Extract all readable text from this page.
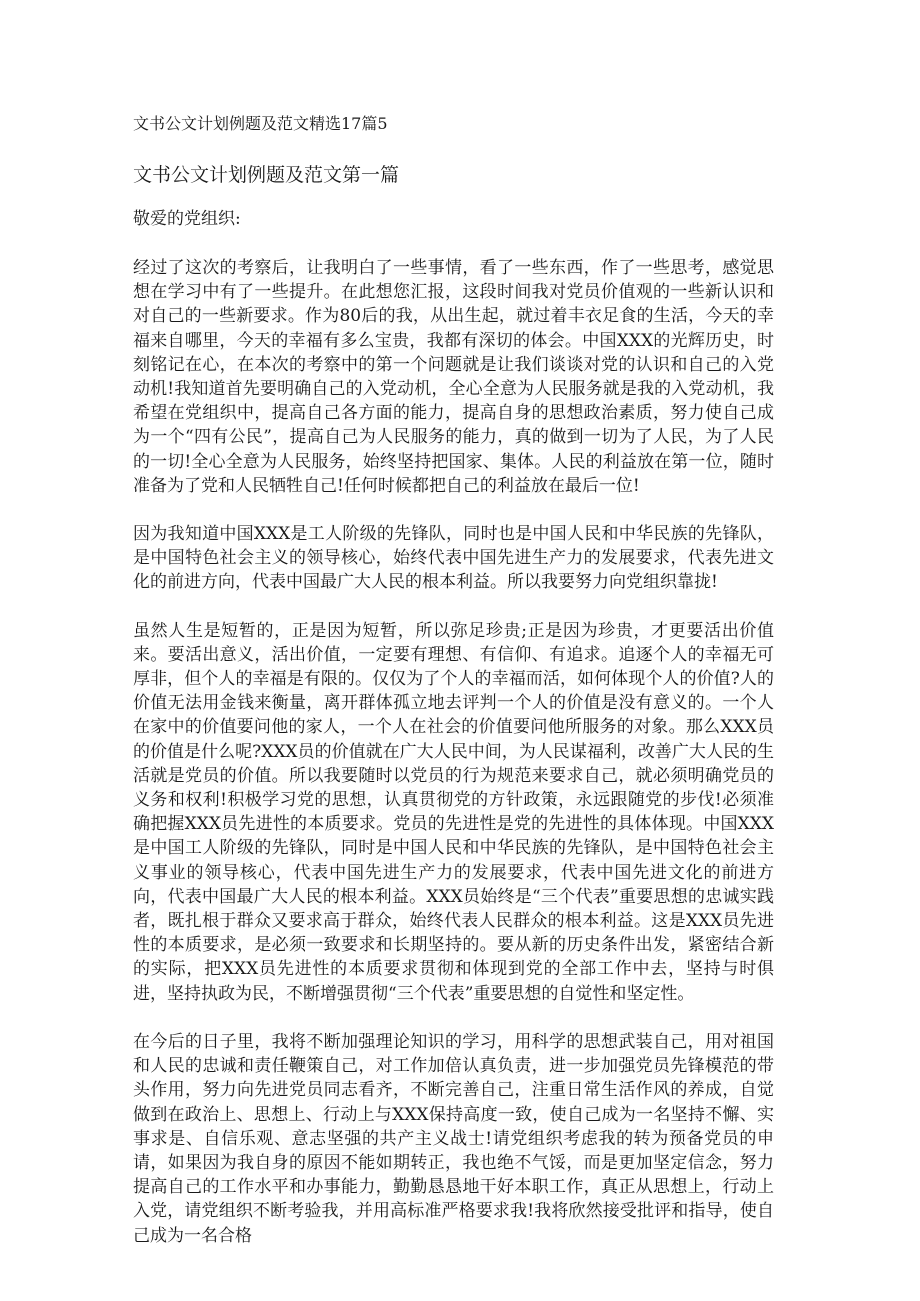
文书公文计划例题及范文精选17篇5
文书公文计划例题及范文第一篇

敬爱的党组织:

经过了这次的考察后，让我明白了一些事情，看了一些东西，作了一些思考，感觉思想在学习中有了一些提升。在此想您汇报，这段时间我对党员价值观的一些新认识和对自己的一些新要求。作为80后的我，从出生起，就过着丰衣足食的生活，今天的幸福来自哪里，今天的幸福有多么宝贵，我都有深切的体会。中国XXX的光辉历史，时刻铭记在心，在本次的考察中的第一个问题就是让我们谈谈对党的认识和自己的入党动机!我知道首先要明确自己的入党动机，全心全意为人民服务就是我的入党动机，我希望在党组织中，提高自己各方面的能力，提高自身的思想政治素质，努力使自己成为一个“四有公民”，提高自己为人民服务的能力，真的做到一切为了人民，为了人民的一切!全心全意为人民服务，始终坚持把国家、集体。人民的利益放在第一位，随时准备为了党和人民牺牲自己!任何时候都把自己的利益放在最后一位!

因为我知道中国XXX是工人阶级的先锋队，同时也是中国人民和中华民族的先锋队，是中国特色社会主义的领导核心，始终代表中国先进生产力的发展要求，代表先进文化的前进方向，代表中国最广大人民的根本利益。所以我要努力向党组织靠拢!

虽然人生是短暂的，正是因为短暂，所以弥足珍贵;正是因为珍贵，才更要活出价值来。要活出意义，活出价值，一定要有理想、有信仰、有追求。追逐个人的幸福无可厚非，但个人的幸福是有限的。仅仅为了个人的幸福而活，如何体现个人的价值?人的价值无法用金钱来衡量，离开群体孤立地去评判一个人的价值是没有意义的。一个人在家中的价值要问他的家人，一个人在社会的价值要问他所服务的对象。那么XXX员的价值是什么呢?XXX员的价值就在广大人民中间，为人民谋福利，改善广大人民的生活就是党员的价值。所以我要随时以党员的行为规范来要求自己，就必须明确党员的义务和权利!积极学习党的思想，认真贯彻党的方针政策，永远跟随党的步伐!必须准确把握XXX员先进性的本质要求。党员的先进性是党的先进性的具体体现。中国XXX是中国工人阶级的先锋队，同时是中国人民和中华民族的先锋队，是中国特色社会主义事业的领导核心，代表中国先进生产力的发展要求，代表中国先进文化的前进方向，代表中国最广大人民的根本利益。XXX员始终是“三个代表”重要思想的忠诚实践者，既扎根于群众又要求高于群众，始终代表人民群众的根本利益。这是XXX员先进性的本质要求，是必须一致要求和长期坚持的。要从新的历史条件出发，紧密结合新的实际，把XXX员先进性的本质要求贯彻和体现到党的全部工作中去，坚持与时俱进，坚持执政为民，不断增强贯彻“三个代表”重要思想的自觉性和坚定性。

在今后的日子里，我将不断加强理论知识的学习，用科学的思想武装自己，用对祖国和人民的忠诚和责任鞭策自己，对工作加倍认真负责，进一步加强党员先锋模范的带头作用，努力向先进党员同志看齐，不断完善自己，注重日常生活作风的养成，自觉做到在政治上、思想上、行动上与XXX保持高度一致，使自己成为一名坚持不懈、实事求是、自信乐观、意志坚强的共产主义战士!请党组织考虑我的转为预备党员的申请，如果因为我自身的原因不能如期转正，我也绝不气馁，而是更加坚定信念，努力提高自己的工作水平和办事能力，勤勤恳恳地干好本职工作，真正从思想上，行动上入党，请党组织不断考验我，并用高标准严格要求我!我将欣然接受批评和指导，使自己成为一名合格
